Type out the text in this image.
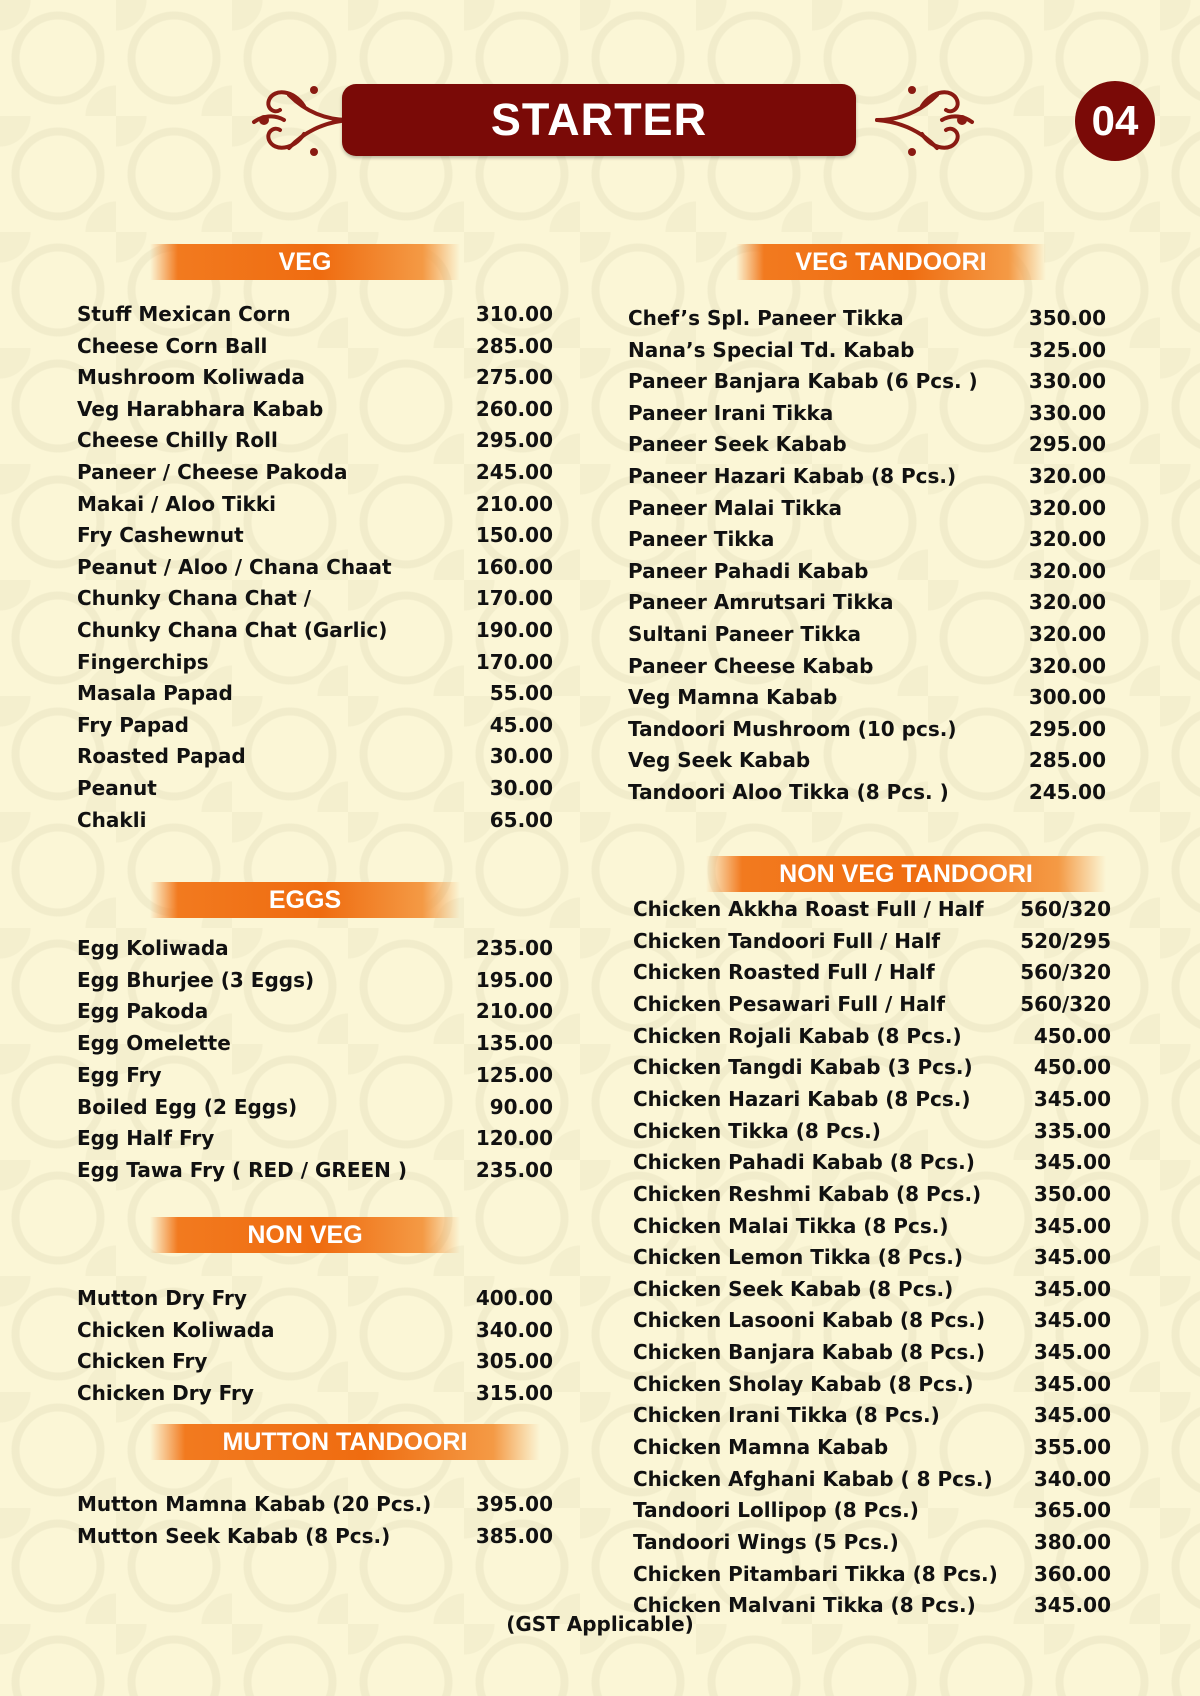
STARTER	04
VEG
EGGS
NON VEG
MUTTON TANDOORI
VEG TANDOORI
NON VEG TANDOORI
Stuff Mexican Corn	310.00
Cheese Corn Ball	285.00
Mushroom Koliwada	275.00
Veg Harabhara Kabab	260.00
Cheese Chilly Roll	295.00
Paneer / Cheese Pakoda	245.00
Makai / Aloo Tikki	210.00
Fry Cashewnut	150.00
Peanut / Aloo / Chana Chaat	160.00
Chunky Chana Chat /	170.00
Chunky Chana Chat (Garlic)	190.00
Fingerchips	170.00
Masala Papad	55.00
Fry Papad	45.00
Roasted Papad	30.00
Peanut	30.00
Chakli	65.00
Egg Koliwada	235.00
Egg Bhurjee (3 Eggs)	195.00
Egg Pakoda	210.00
Egg Omelette	135.00
Egg Fry	125.00
Boiled Egg (2 Eggs)	90.00
Egg Half Fry	120.00
Egg Tawa Fry ( RED / GREEN )	235.00
Mutton Dry Fry	400.00
Chicken Koliwada	340.00
Chicken Fry	305.00
Chicken Dry Fry	315.00
Mutton Mamna Kabab (20 Pcs.)	395.00
Mutton Seek Kabab (8 Pcs.)	385.00
Chef’s Spl. Paneer Tikka	350.00
Nana’s Special Td. Kabab	325.00
Paneer Banjara Kabab (6 Pcs. )	330.00
Paneer Irani Tikka	330.00
Paneer Seek Kabab	295.00
Paneer Hazari Kabab (8 Pcs.)	320.00
Paneer Malai Tikka	320.00
Paneer Tikka	320.00
Paneer Pahadi Kabab	320.00
Paneer Amrutsari Tikka	320.00
Sultani Paneer Tikka	320.00
Paneer Cheese Kabab	320.00
Veg Mamna Kabab	300.00
Tandoori Mushroom (10 pcs.)	295.00
Veg Seek Kabab	285.00
Tandoori Aloo Tikka (8 Pcs. )	245.00
Chicken Akkha Roast Full / Half	560/320
Chicken Tandoori Full / Half	520/295
Chicken Roasted Full / Half	560/320
Chicken Pesawari Full / Half	560/320
Chicken Rojali Kabab (8 Pcs.)	450.00
Chicken Tangdi Kabab (3 Pcs.)	450.00
Chicken Hazari Kabab (8 Pcs.)	345.00
Chicken Tikka (8 Pcs.)	335.00
Chicken Pahadi Kabab (8 Pcs.)	345.00
Chicken Reshmi Kabab (8 Pcs.)	350.00
Chicken Malai Tikka (8 Pcs.)	345.00
Chicken Lemon Tikka (8 Pcs.)	345.00
Chicken Seek Kabab (8 Pcs.)	345.00
Chicken Lasooni Kabab (8 Pcs.)	345.00
Chicken Banjara Kabab (8 Pcs.)	345.00
Chicken Sholay Kabab (8 Pcs.)	345.00
Chicken Irani Tikka (8 Pcs.)	345.00
Chicken Mamna Kabab	355.00
Chicken Afghani Kabab ( 8 Pcs.)	340.00
Tandoori Lollipop (8 Pcs.)	365.00
Tandoori Wings (5 Pcs.)	380.00
Chicken Pitambari Tikka (8 Pcs.)	360.00
Chicken Malvani Tikka (8 Pcs.)	345.00
(GST Applicable)
